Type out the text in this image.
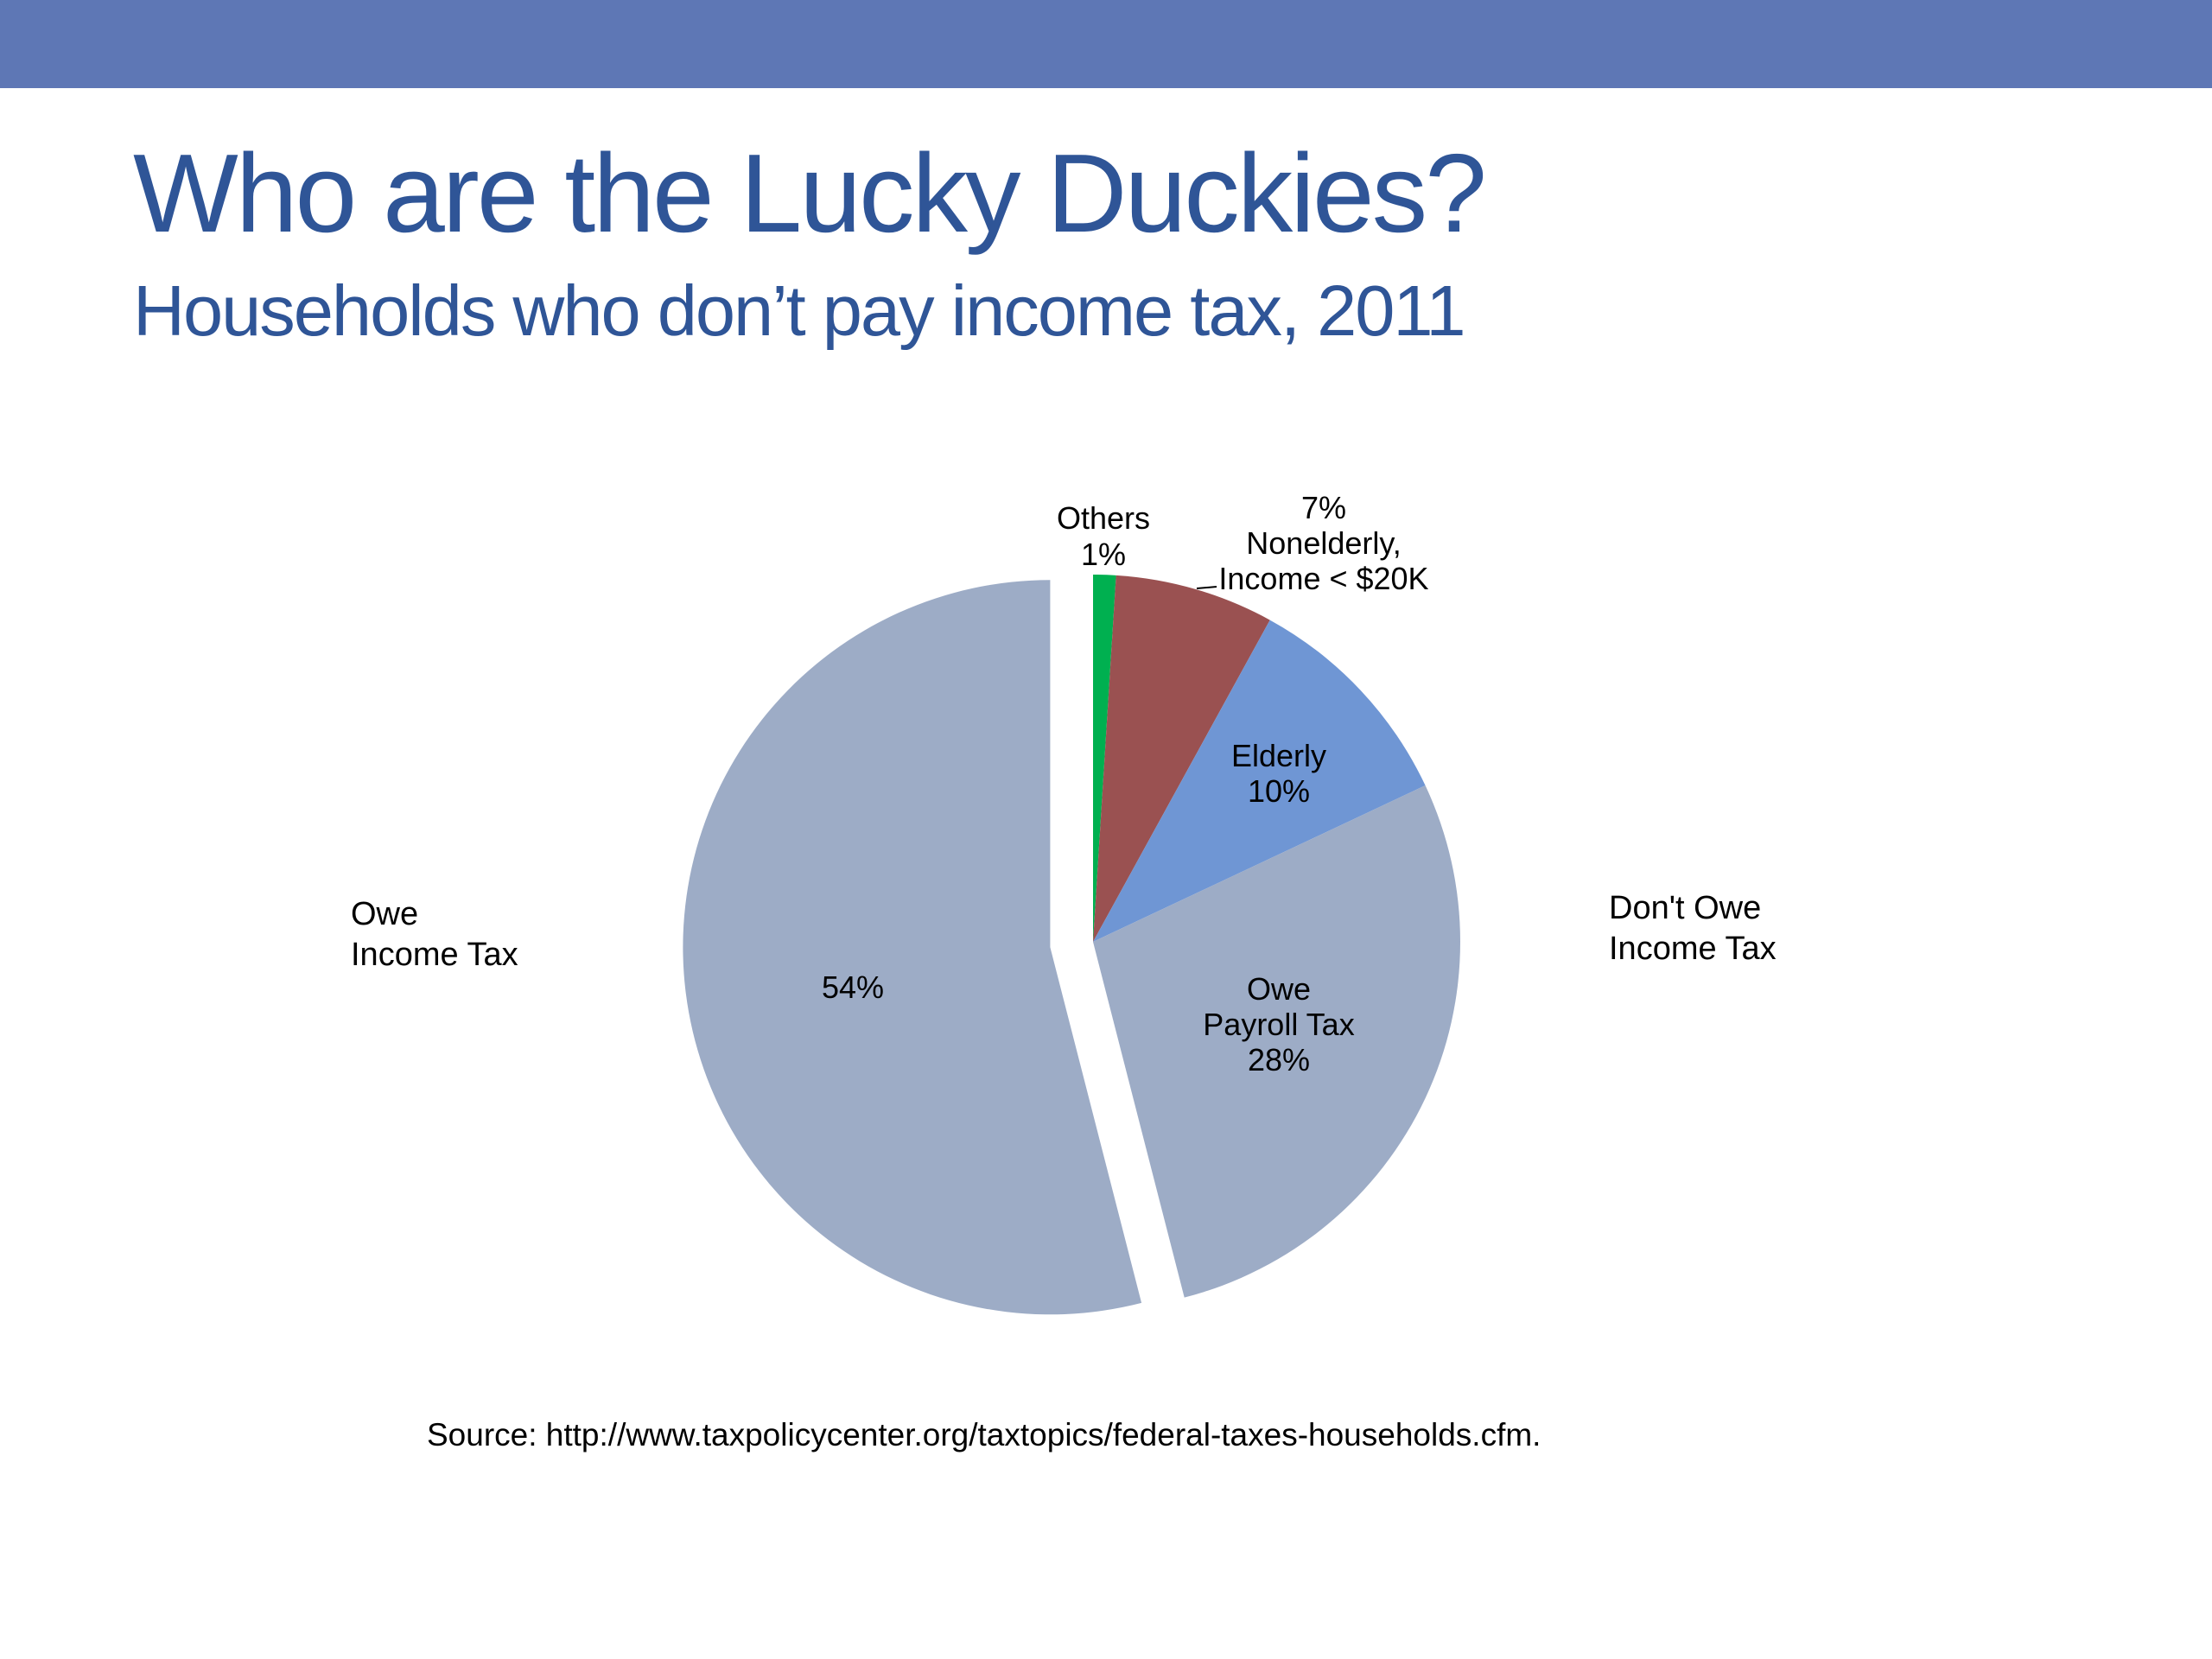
Who are the Lucky Duckies?
Households who don’t pay income tax, 2011
Others 1%
7% Nonelderly, Income < $20K
Elderly 10%
Owe Payroll Tax 28%
54%
Owe Income Tax
Don't Owe Income Tax
Source: http://www.taxpolicycenter.org/taxtopics/federal-taxes-households.cfm.
